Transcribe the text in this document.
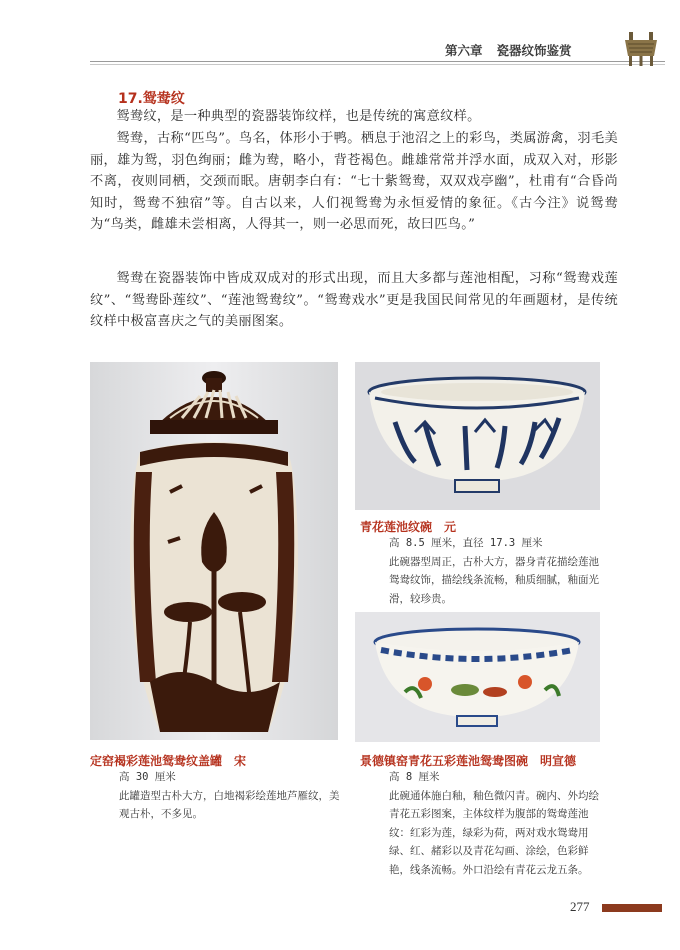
第六章 瓷器纹饰鉴赏
17.鸳鸯纹

鸳鸯纹，是一种典型的瓷器装饰纹样，也是传统的寓意纹样。

鸳鸯，古称“匹鸟”。鸟名，体形小于鸭。栖息于池沼之上的彩鸟，类属游禽，羽毛美丽，雄为鸳，羽色绚丽；雌为鸯，略小，背苍褐色。雌雄常常并浮水面，成双入对，形影不离，夜则同栖，交颈而眠。唐朝李白有：“七十紫鸳鸯，双双戏亭幽”，杜甫有“合昏尚知时，鸳鸯不独宿”等。自古以来，人们视鸳鸯为永恒爱情的象征。《古今注》说鸳鸯为“鸟类，雌雄未尝相离，人得其一，则一必思而死，故曰匹鸟。”

鸳鸯在瓷器装饰中皆成双成对的形式出现，而且大多都与莲池相配，习称“鸳鸯戏莲纹”、“鸳鸯卧莲纹”、“莲池鸳鸯纹”。“鸳鸯戏水”更是我国民间常见的年画题材，是传统纹样中极富喜庆之气的美丽图案。

青花莲池纹碗　元

高 8.5 厘米，直径 17.3 厘米

此碗器型周正，古朴大方，器身青花描绘莲池鸳鸯纹饰，描绘线条流畅，釉质细腻，釉面光滑，较珍贵。

景德镇窑青花五彩莲池鸳鸯图碗　明宣德

高 8 厘米

此碗通体施白釉，釉色微闪青。碗内、外均绘青花五彩图案，主体纹样为腹部的鸳鸯莲池纹：红彩为莲，绿彩为荷，两对戏水鸳鸯用绿、红、赭彩以及青花勾画、涂绘，色彩鲜艳，线条流畅。外口沿绘有青花云龙五条。

定窑褐彩莲池鸳鸯纹盖罐　宋

高 30 厘米

此罐造型古朴大方，白地褐彩绘莲地芦雁纹，美观古朴，不多见。

277
